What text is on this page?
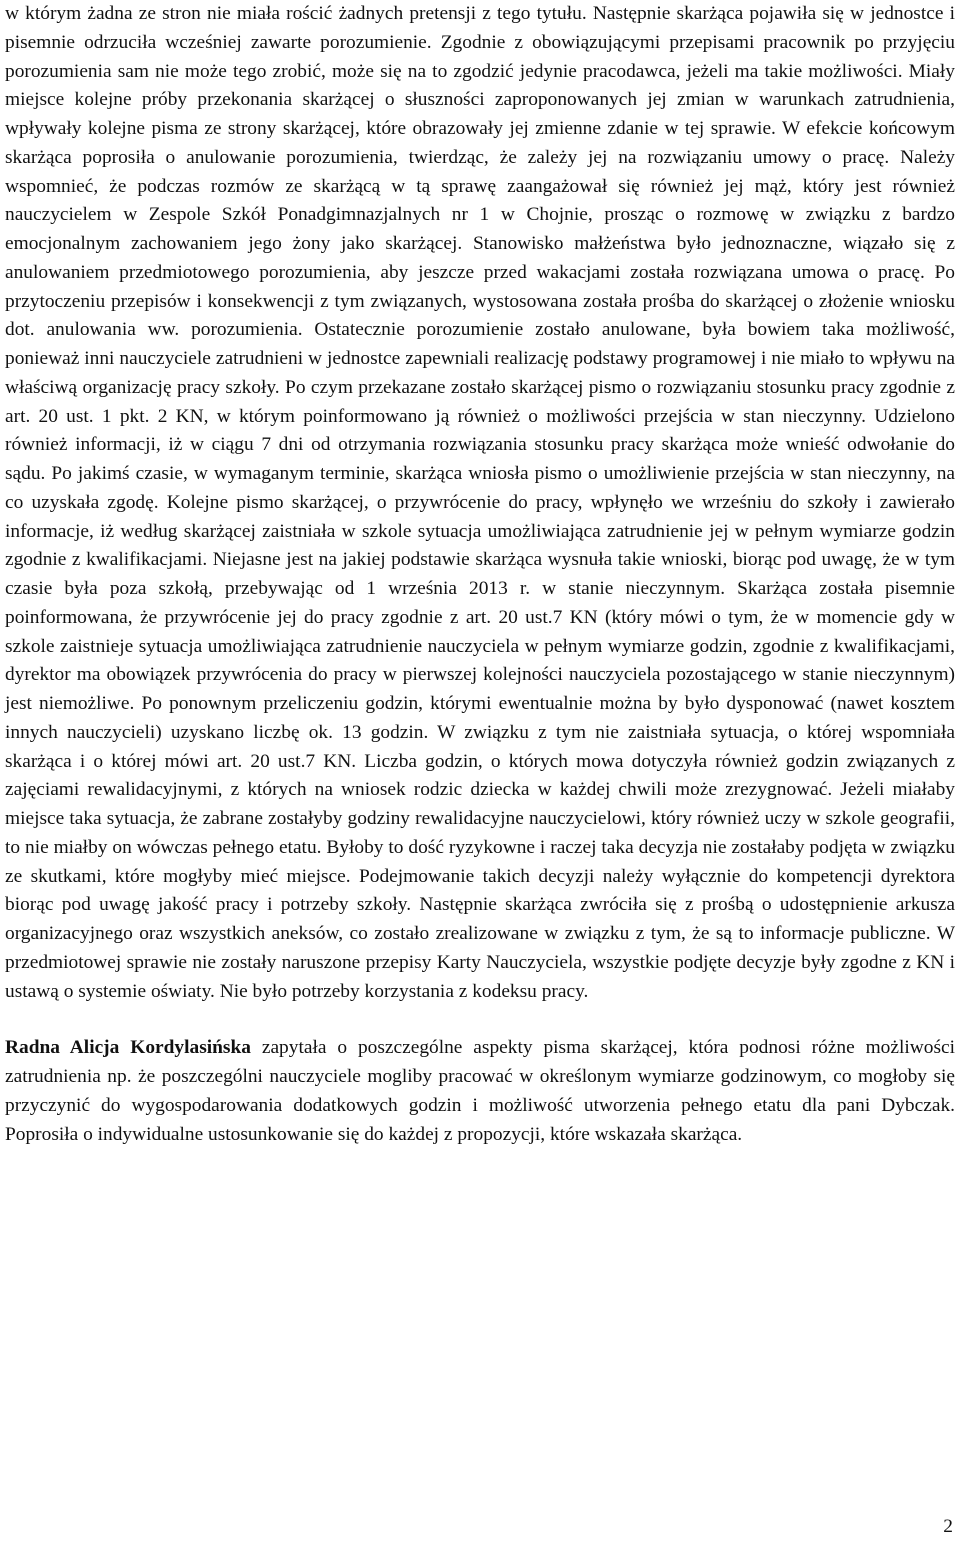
w którym żadna ze stron nie miała rościć żadnych pretensji z tego tytułu. Następnie skarżąca pojawiła się w jednostce i pisemnie odrzuciła wcześniej zawarte porozumienie. Zgodnie z obowiązującymi przepisami pracownik po przyjęciu porozumienia sam nie może tego zrobić, może się na to zgodzić jedynie pracodawca, jeżeli ma takie możliwości. Miały miejsce kolejne próby przekonania skarżącej o słuszności zaproponowanych jej zmian w warunkach zatrudnienia, wpływały kolejne pisma ze strony skarżącej, które obrazowały jej zmienne zdanie w tej sprawie. W efekcie końcowym skarżąca poprosiła o anulowanie porozumienia, twierdząc, że zależy jej na rozwiązaniu umowy o pracę. Należy wspomnieć, że podczas rozmów ze skarżącą w tą sprawę zaangażował się również jej mąż, który jest również nauczycielem w Zespole Szkół Ponadgimnazjalnych nr 1 w Chojnie, prosząc o rozmowę w związku z bardzo emocjonalnym zachowaniem jego żony jako skarżącej. Stanowisko małżeństwa było jednoznaczne, wiązało się z anulowaniem przedmiotowego porozumienia, aby jeszcze przed wakacjami została rozwiązana umowa o pracę. Po przytoczeniu przepisów i konsekwencji z tym związanych, wystosowana została prośba do skarżącej o złożenie wniosku dot. anulowania ww. porozumienia. Ostatecznie porozumienie zostało anulowane, była bowiem taka możliwość, ponieważ inni nauczyciele zatrudnieni w jednostce zapewniali realizację podstawy programowej i nie miało to wpływu na właściwą organizację pracy szkoły. Po czym przekazane zostało skarżącej pismo o rozwiązaniu stosunku pracy zgodnie z art. 20 ust. 1 pkt. 2 KN, w którym poinformowano ją również o możliwości przejścia w stan nieczynny. Udzielono również informacji, iż w ciągu 7 dni od otrzymania rozwiązania stosunku pracy skarżąca może wnieść odwołanie do sądu. Po jakimś czasie, w wymaganym terminie, skarżąca wniosła pismo o umożliwienie przejścia w stan nieczynny, na co uzyskała zgodę. Kolejne pismo skarżącej, o przywrócenie do pracy, wpłynęło we wrześniu do szkoły i zawierało informacje, iż według skarżącej zaistniała w szkole sytuacja umożliwiająca zatrudnienie jej w pełnym wymiarze godzin zgodnie z kwalifikacjami. Niejasne jest na jakiej podstawie skarżąca wysnuła takie wnioski, biorąc pod uwagę, że w tym czasie była poza szkołą, przebywając od 1 września 2013 r. w stanie nieczynnym. Skarżąca została pisemnie poinformowana, że przywrócenie jej do pracy zgodnie z art. 20 ust.7 KN (który mówi o tym, że w momencie gdy w szkole zaistnieje sytuacja umożliwiająca zatrudnienie nauczyciela w pełnym wymiarze godzin, zgodnie z kwalifikacjami, dyrektor ma obowiązek przywrócenia do pracy w pierwszej kolejności nauczyciela pozostającego w stanie nieczynnym) jest niemożliwe. Po ponownym przeliczeniu godzin, którymi ewentualnie można by było dysponować (nawet kosztem innych nauczycieli) uzyskano liczbę ok. 13 godzin. W związku z tym nie zaistniała sytuacja, o której wspomniała skarżąca i o której mówi art. 20 ust.7 KN. Liczba godzin, o których mowa dotyczyła również godzin związanych z zajęciami rewalidacyjnymi, z których na wniosek rodzic dziecka w każdej chwili może zrezygnować. Jeżeli miałaby miejsce taka sytuacja, że zabrane zostałyby godziny rewalidacyjne nauczycielowi, który również uczy w szkole geografii, to nie miałby on wówczas pełnego etatu. Byłoby to dość ryzykowne i raczej taka decyzja nie zostałaby podjęta w związku ze skutkami, które mogłyby mieć miejsce. Podejmowanie takich decyzji należy wyłącznie do kompetencji dyrektora biorąc pod uwagę jakość pracy i potrzeby szkoły. Następnie skarżąca zwróciła się z prośbą o udostępnienie arkusza organizacyjnego oraz wszystkich aneksów, co zostało zrealizowane w związku z tym, że są to informacje publiczne. W przedmiotowej sprawie nie zostały naruszone przepisy Karty Nauczyciela, wszystkie podjęte decyzje były zgodne z KN i ustawą o systemie oświaty. Nie było potrzeby korzystania z kodeksu pracy.

Radna Alicja Kordylasińska zapytała o poszczególne aspekty pisma skarżącej, która podnosi różne możliwości zatrudnienia np. że poszczególni nauczyciele mogliby pracować w określonym wymiarze godzinowym, co mogłoby się przyczynić do wygospodarowania dodatkowych godzin i możliwość utworzenia pełnego etatu dla pani Dybczak. Poprosiła o indywidualne ustosunkowanie się do każdej z propozycji, które wskazała skarżąca.

2
